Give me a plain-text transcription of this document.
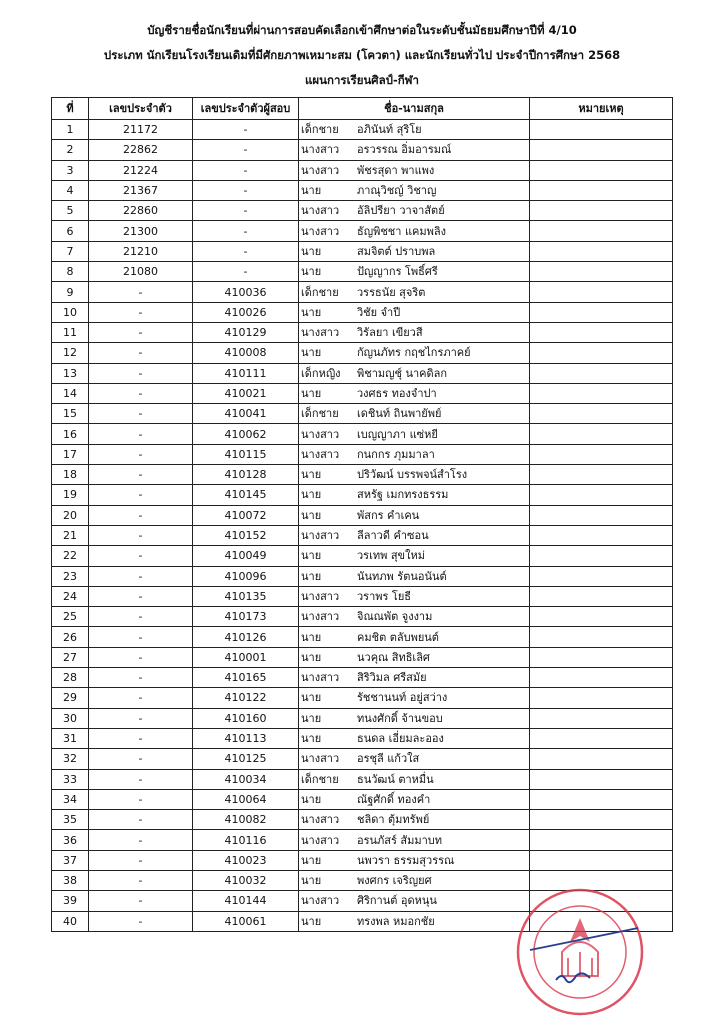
บัญชีรายชื่อนักเรียนที่ผ่านการสอบคัดเลือกเข้าศึกษาต่อในระดับชั้นมัธยมศึกษาปีที่ 4/10
ประเภท นักเรียนโรงเรียนเดิมที่มีศักยภาพเหมาะสม (โควตา) และนักเรียนทั่วไป ประจำปีการศึกษา 2568
แผนการเรียนศิลป์-กีฬา
ที่	เลขประจำตัว	เลขประจำตัวผู้สอบ	ชื่อ-นามสกุล	หมายเหตุ
1	21172	-	เด็กชาย อภินันท์ สุริโย	
2	22862	-	นางสาว อรวรรณ อิ่มอารมณ์	
3	21224	-	นางสาว พัชรสุดา พาแพง	
4	21367	-	นาย ภาณุวิชญ์ วิชาญ	
5	22860	-	นางสาว อัลิปรียา วาจาสัตย์	
6	21300	-	นางสาว ธัญพิชชา แคมพลิง	
7	21210	-	นาย สมจิตต์ ปราบพล	
8	21080	-	นาย ปัญญากร โพธิ์ศรี	
9	-	410036	เด็กชาย วรรธนัย สุจริต	
10	-	410026	นาย วิชัย จำปี	
11	-	410129	นางสาว วิรัลยา เขียวสี	
12	-	410008	นาย กัญนภัทร กฤชไกรภาคย์	
13	-	410111	เด็กหญิง พิชามญชุ์ นาคดิลก	
14	-	410021	นาย วงศธร ทองจำปา	
15	-	410041	เด็กชาย เดชินท์ ถินพายัพย์	
16	-	410062	นางสาว เบญญาภา แซ่หยี	
17	-	410115	นางสาว กนกกร ภุมมาลา	
18	-	410128	นาย ปริวัฒน์ บรรพจน์สำโรง	
19	-	410145	นาย สหรัฐ เมกทรงธรรม	
20	-	410072	นาย พัสกร คำเคน	
21	-	410152	นางสาว ลีลาวดี คำซอน	
22	-	410049	นาย วรเทพ สุขใหม่	
23	-	410096	นาย นันทภพ รัตนอนันต์	
24	-	410135	นางสาว วราพร โยธี	
25	-	410173	นางสาว จิณณพัต จูงงาม	
26	-	410126	นาย คมชิต ตลับพยนต์	
27	-	410001	นาย นวคุณ สิทธิเลิศ	
28	-	410165	นางสาว สิริวิมล ศรีสมัย	
29	-	410122	นาย รัชชานนท์ อยู่สว่าง	
30	-	410160	นาย ทนงศักดิ์ จ้านขอบ	
31	-	410113	นาย ธนดล เอี่ยมละออง	
32	-	410125	นางสาว อรชุลี แก้วใส	
33	-	410034	เด็กชาย ธนวัฒน์ ตาหมื่น	
34	-	410064	นาย ณัฐศักดิ์ ทองคำ	
35	-	410082	นางสาว ชลิดา ตุ้มทรัพย์	
36	-	410116	นางสาว อรนภัสร์ สัมมาบท	
37	-	410023	นาย นพวรา ธรรมสุวรรณ	
38	-	410032	นาย พงศกร เจริญยศ	
39	-	410144	นางสาว ศิริกานต์ อุดหนุน	
40	-	410061	นาย ทรงพล หมอกชัย	
